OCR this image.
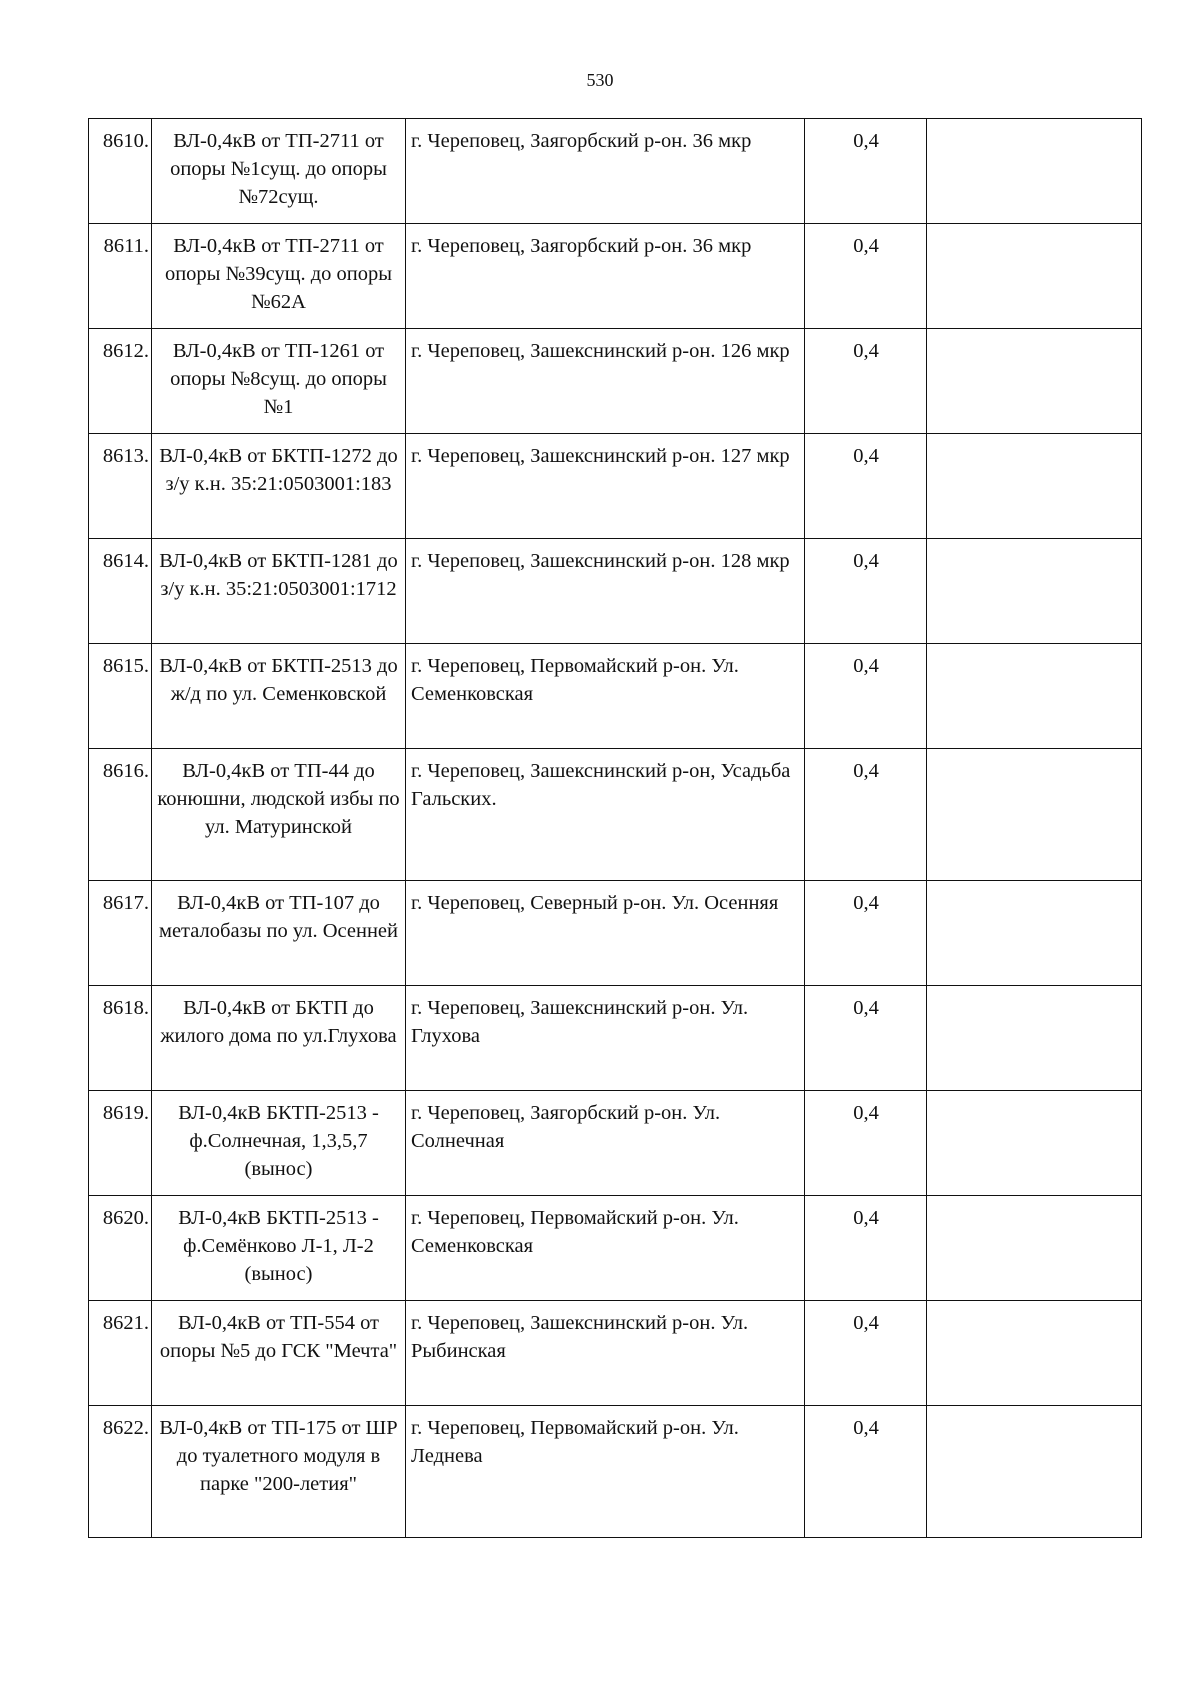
530
8610.	ВЛ-0,4кВ от ТП-2711 от опоры №1сущ. до опоры №72сущ.	г. Череповец, Заягорбский р-он. 36 мкр	0,4	
8611.	ВЛ-0,4кВ от ТП-2711 от опоры №39сущ. до опоры №62А	г. Череповец, Заягорбский р-он. 36 мкр	0,4	
8612.	ВЛ-0,4кВ от ТП-1261 от опоры №8сущ. до опоры №1	г. Череповец, Зашекснинский р-он. 126 мкр	0,4	
8613.	ВЛ-0,4кВ от БКТП-1272 до з/у к.н. 35:21:0503001:183	г. Череповец, Зашекснинский р-он. 127 мкр	0,4	
8614.	ВЛ-0,4кВ от БКТП-1281 до з/у к.н. 35:21:0503001:1712	г. Череповец, Зашекснинский р-он. 128 мкр	0,4	
8615.	ВЛ-0,4кВ от БКТП-2513 до ж/д по ул. Семенковской	г. Череповец, Первомайский р-он. Ул. Семенковская	0,4	
8616.	ВЛ-0,4кВ от ТП-44 до конюшни, людской избы по ул. Матуринской	г. Череповец, Зашекснинский р-он, Усадьба Гальских.	0,4	
8617.	ВЛ-0,4кВ от ТП-107 до металобазы по ул. Осенней	г. Череповец, Северный р-он. Ул. Осенняя	0,4	
8618.	ВЛ-0,4кВ от БКТП до жилого дома по ул.Глухова	г. Череповец, Зашекснинский р-он. Ул. Глухова	0,4	
8619.	ВЛ-0,4кВ БКТП-2513 - ф.Солнечная, 1,3,5,7 (вынос)	г. Череповец, Заягорбский р-он. Ул. Солнечная	0,4	
8620.	ВЛ-0,4кВ БКТП-2513 - ф.Семёнково Л-1, Л-2 (вынос)	г. Череповец, Первомайский р-он. Ул. Семенковская	0,4	
8621.	ВЛ-0,4кВ от ТП-554 от опоры №5 до ГСК "Мечта"	г. Череповец, Зашекснинский р-он. Ул. Рыбинская	0,4	
8622.	ВЛ-0,4кВ от ТП-175 от ШР до туалетного модуля в парке "200-летия"	г. Череповец, Первомайский р-он. Ул. Леднева	0,4	
